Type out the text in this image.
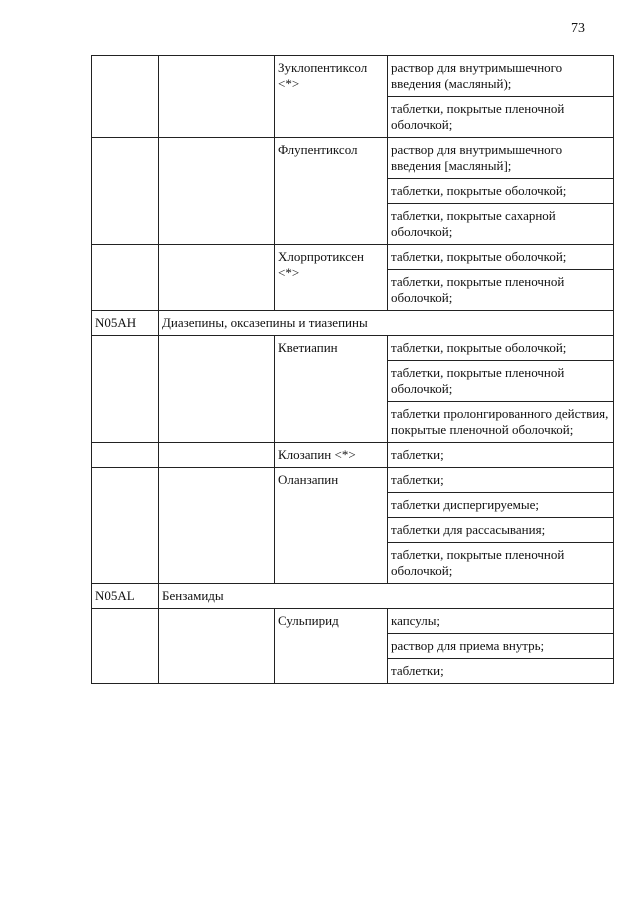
73
		Зуклопентиксол <*>	раствор для внутримышечного введения (масляный);
			таблетки, покрытые пленочной оболочкой;
		Флупентиксол	раствор для внутримышечного введения [масляный];
			таблетки, покрытые оболочкой;
			таблетки, покрытые сахарной оболочкой;
		Хлорпротиксен <*>	таблетки, покрытые оболочкой;
			таблетки, покрытые пленочной оболочкой;
N05AH	Диазепины, оксазепины и тиазепины		
		Кветиапин	таблетки, покрытые оболочкой;
			таблетки, покрытые пленочной оболочкой;
			таблетки пролонгированного действия, покрытые пленочной оболочкой;
		Клозапин <*>	таблетки;
		Оланзапин	таблетки;
			таблетки диспергируемые;
			таблетки для рассасывания;
			таблетки, покрытые пленочной оболочкой;
N05AL	Бензамиды		
		Сульпирид	капсулы;
			раствор для приема внутрь;
			таблетки;
